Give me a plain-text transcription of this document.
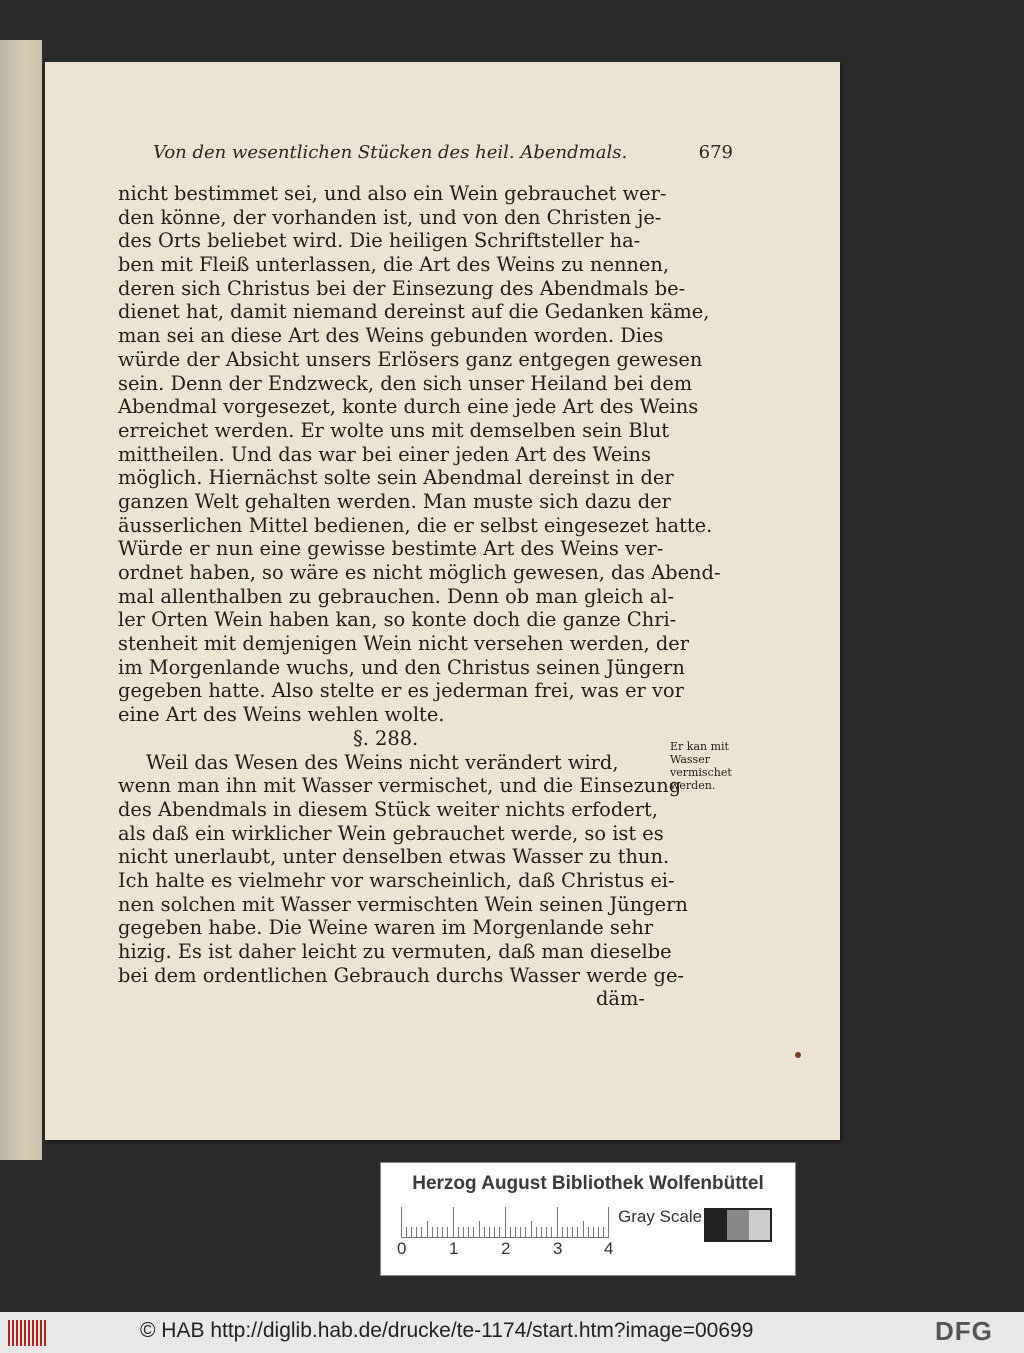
Von den wesentlichen Stücken des heil. Abendmals.	679
nicht bestimmet sei, und also ein Wein gebrauchet wer-
den könne, der vorhanden ist, und von den Christen je-
des Orts beliebet wird. Die heiligen Schriftsteller ha-
ben mit Fleiß unterlassen, die Art des Weins zu nennen,
deren sich Christus bei der Einsezung des Abendmals be-
dienet hat, damit niemand dereinst auf die Gedanken käme,
man sei an diese Art des Weins gebunden worden. Dies
würde der Absicht unsers Erlösers ganz entgegen gewesen
sein. Denn der Endzweck, den sich unser Heiland bei dem
Abendmal vorgesezet, konte durch eine jede Art des Weins
erreichet werden. Er wolte uns mit demselben sein Blut
mittheilen. Und das war bei einer jeden Art des Weins
möglich. Hiernächst solte sein Abendmal dereinst in der
ganzen Welt gehalten werden. Man muste sich dazu der
äusserlichen Mittel bedienen, die er selbst eingesezet hatte.
Würde er nun eine gewisse bestimte Art des Weins ver-
ordnet haben, so wäre es nicht möglich gewesen, das Abend-
mal allenthalben zu gebrauchen. Denn ob man gleich al-
ler Orten Wein haben kan, so konte doch die ganze Chri-
stenheit mit demjenigen Wein nicht versehen werden, der
im Morgenlande wuchs, und den Christus seinen Jüngern
gegeben hatte. Also stelte er es jederman frei, was er vor
eine Art des Weins wehlen wolte.
§. 288.
Weil das Wesen des Weins nicht verändert wird,
wenn man ihn mit Wasser vermischet, und die Einsezung
des Abendmals in diesem Stück weiter nichts erfodert,
als daß ein wirklicher Wein gebrauchet werde, so ist es
nicht unerlaubt, unter denselben etwas Wasser zu thun.
Ich halte es vielmehr vor warscheinlich, daß Christus ei-
nen solchen mit Wasser vermischten Wein seinen Jüngern
gegeben habe. Die Weine waren im Morgenlande sehr
hizig. Es ist daher leicht zu vermuten, daß man dieselbe
bei dem ordentlichen Gebrauch durchs Wasser werde ge-
däm-
Er kan mit
Wasser
vermischet
werden.
Herzog August Bibliothek Wolfenbüttel
0	1	2	3 4
Gray Scale
© HAB http://diglib.hab.de/drucke/te-1174/start.htm?image=00699	DFG
